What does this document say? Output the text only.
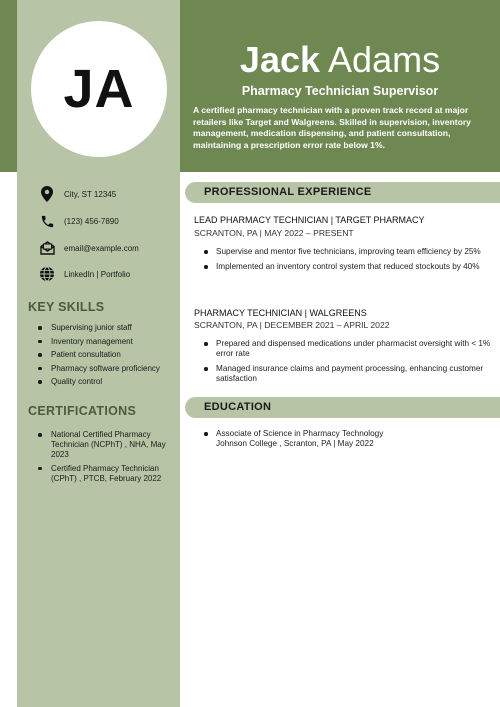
JA	Jack Adams
Pharmacy Technician Supervisor
A certified pharmacy technician with a proven track record at major retailers like Target and Walgreens. Skilled in supervision, inventory management, medication dispensing, and patient consultation, maintaining a prescription error rate below 1%.
City, ST 12345
(123) 456-7890
email@example.com
LinkedIn | Portfolio
KEY SKILLS
Supervising junior staff
Inventory management
Patient consultation
Pharmacy software proficiency
Quality control
CERTIFICATIONS
National Certified Pharmacy Technician (NCPhT) , NHA, May 2023
Certified Pharmacy Technician (CPhT) , PTCB, February 2022
PROFESSIONAL EXPERIENCE
LEAD PHARMACY TECHNICIAN | TARGET PHARMACY
SCRANTON, PA | MAY 2022 – PRESENT
Supervise and mentor five technicians, improving team efficiency by 25%
Implemented an inventory control system that reduced stockouts by 40%
PHARMACY TECHNICIAN | WALGREENS
SCRANTON, PA | DECEMBER 2021 – APRIL 2022
Prepared and dispensed medications under pharmacist oversight with < 1% error rate
Managed insurance claims and payment processing, enhancing customer satisfaction
EDUCATION
Associate of Science in Pharmacy Technology
Johnson College , Scranton, PA | May 2022
